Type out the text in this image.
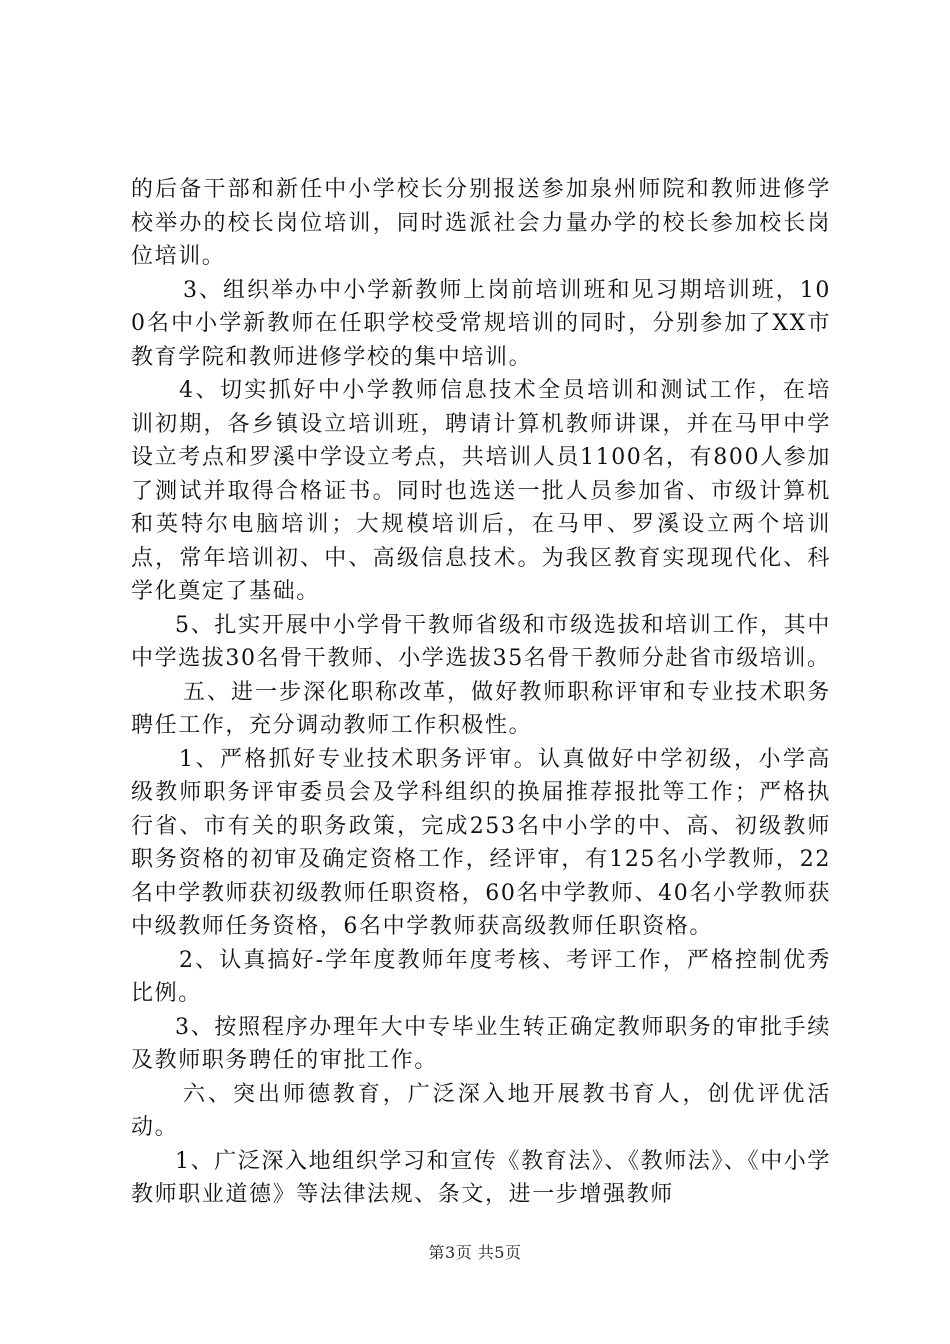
的后备干部和新任中小学校长分别报送参加泉州师院和教师进修学校举办的校长岗位培训，同时选派社会力量办学的校长参加校长岗位培训。

3、组织举办中小学新教师上岗前培训班和见习期培训班，100名中小学新教师在任职学校受常规培训的同时，分别参加了XX市教育学院和教师进修学校的集中培训。

4、切实抓好中小学教师信息技术全员培训和测试工作，在培训初期，各乡镇设立培训班，聘请计算机教师讲课，并在马甲中学设立考点和罗溪中学设立考点，共培训人员1100名，有800人参加了测试并取得合格证书。同时也选送一批人员参加省、市级计算机和英特尔电脑培训；大规模培训后，在马甲、罗溪设立两个培训点，常年培训初、中、高级信息技术。为我区教育实现现代化、科学化奠定了基础。

5、扎实开展中小学骨干教师省级和市级选拔和培训工作，其中中学选拔30名骨干教师、小学选拔35名骨干教师分赴省市级培训。

五、进一步深化职称改革，做好教师职称评审和专业技术职务聘任工作，充分调动教师工作积极性。

1、严格抓好专业技术职务评审。认真做好中学初级，小学高级教师职务评审委员会及学科组织的换届推荐报批等工作；严格执行省、市有关的职务政策，完成253名中小学的中、高、初级教师职务资格的初审及确定资格工作，经评审，有125名小学教师，22名中学教师获初级教师任职资格，60名中学教师、40名小学教师获中级教师任务资格，6名中学教师获高级教师任职资格。

2、认真搞好-学年度教师年度考核、考评工作，严格控制优秀比例。

3、按照程序办理年大中专毕业生转正确定教师职务的审批手续及教师职务聘任的审批工作。

六、突出师德教育，广泛深入地开展教书育人，创优评优活动。

1、广泛深入地组织学习和宣传《教育法》、《教师法》、《中小学教师职业道德》等法律法规、条文，进一步增强教师

第3页 共5页
